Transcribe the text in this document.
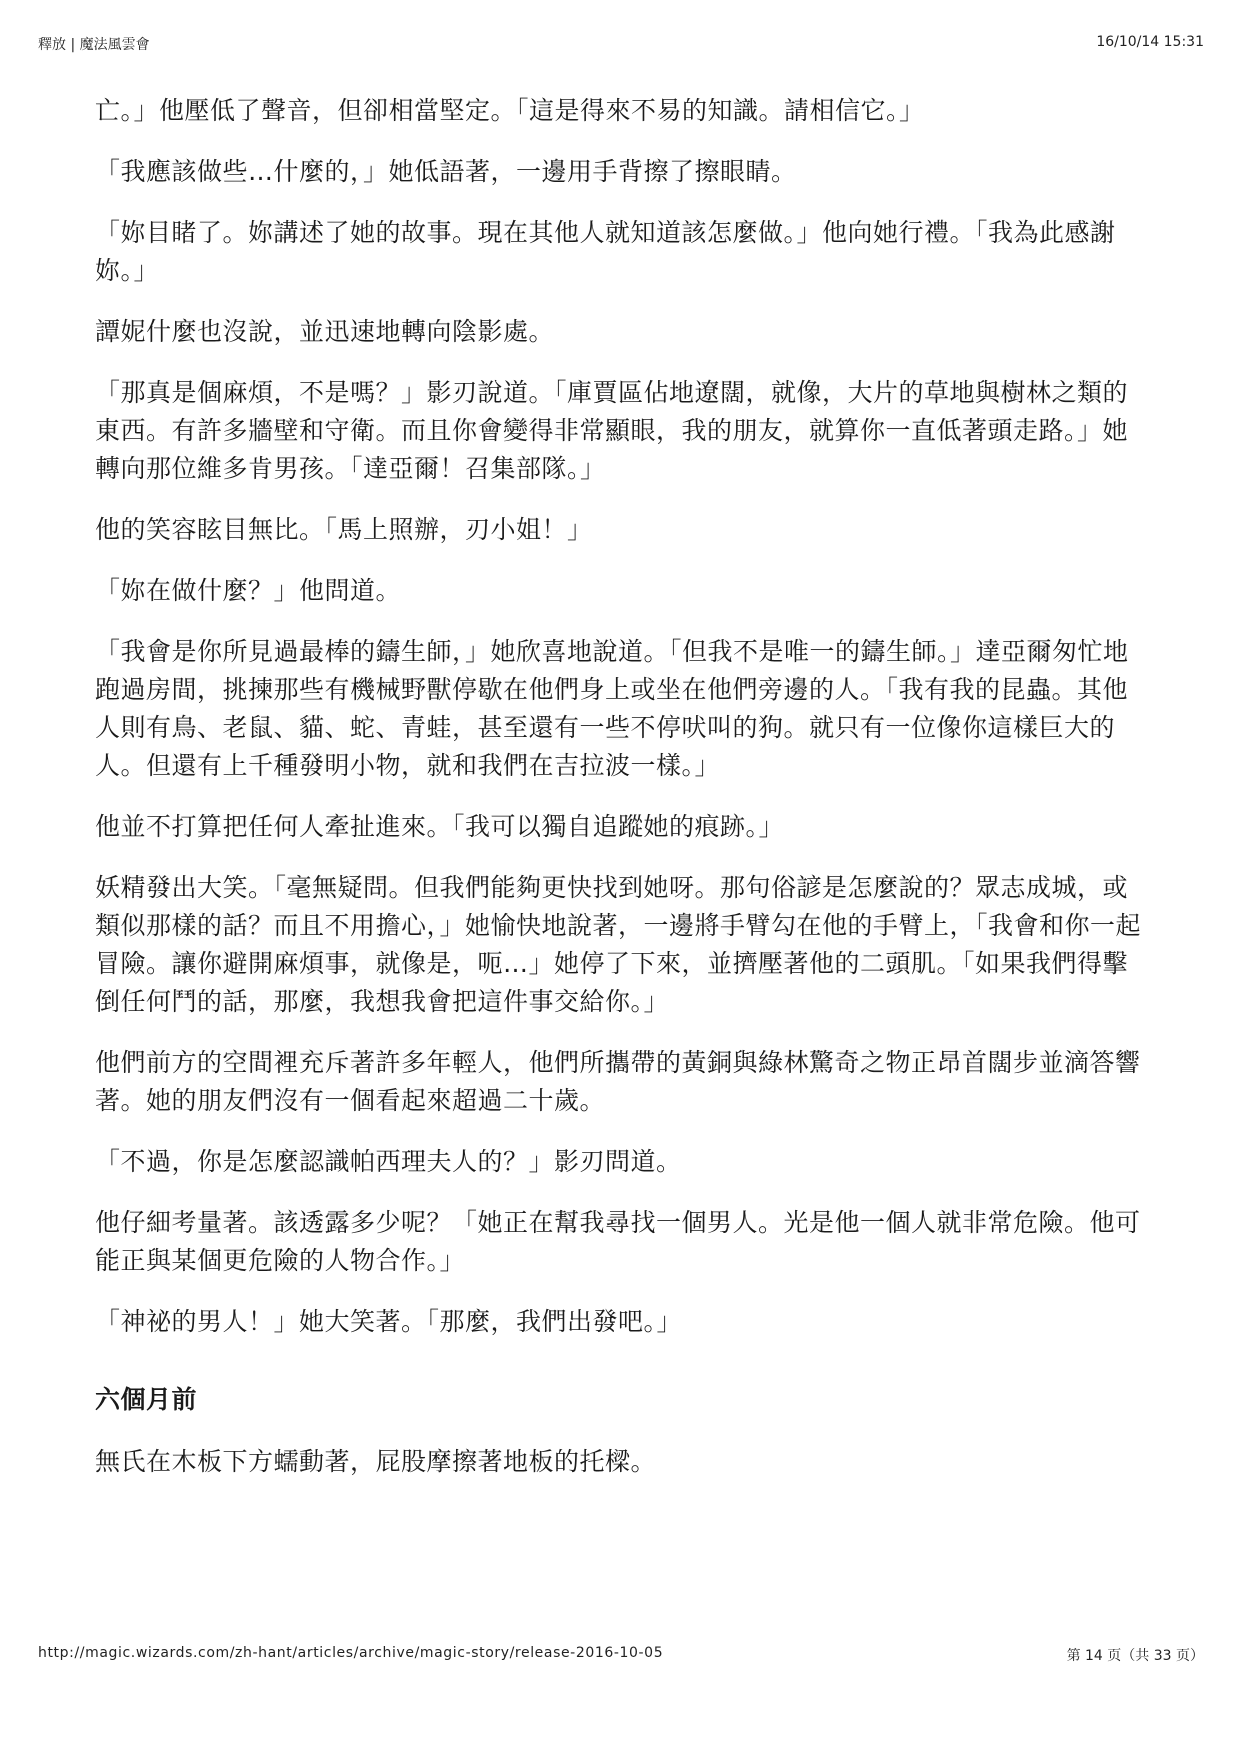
釋放 | 魔法風雲會	16/10/14 15:31

亡。」他壓低了聲音，但卻相當堅定。「這是得來不易的知識。請相信它。」

「我應該做些…什麼的，」她低語著，一邊用手背擦了擦眼睛。

「妳目睹了。妳講述了她的故事。現在其他人就知道該怎麼做。」他向她行禮。「我為此感謝妳。」

譚妮什麼也沒說，並迅速地轉向陰影處。

「那真是個麻煩，不是嗎？」影刃說道。「庫賈區佔地遼闊，就像，大片的草地與樹林之類的東西。有許多牆壁和守衛。而且你會變得非常顯眼，我的朋友，就算你一直低著頭走路。」她轉向那位維多肯男孩。「達亞爾！召集部隊。」

他的笑容眩目無比。「馬上照辦，刃小姐！」

「妳在做什麼？」他問道。

「我會是你所見過最棒的鑄生師，」她欣喜地說道。「但我不是唯一的鑄生師。」達亞爾匆忙地跑過房間，挑揀那些有機械野獸停歇在他們身上或坐在他們旁邊的人。「我有我的昆蟲。其他人則有鳥、老鼠、貓、蛇、青蛙，甚至還有一些不停吠叫的狗。就只有一位像你這樣巨大的人。但還有上千種發明小物，就和我們在吉拉波一樣。」

他並不打算把任何人牽扯進來。「我可以獨自追蹤她的痕跡。」

妖精發出大笑。「毫無疑問。但我們能夠更快找到她呀。那句俗諺是怎麼說的？眾志成城，或類似那樣的話？而且不用擔心，」她愉快地說著，一邊將手臂勾在他的手臂上，「我會和你一起冒險。讓你避開麻煩事，就像是，呃…」她停了下來，並擠壓著他的二頭肌。「如果我們得擊倒任何鬥的話，那麼，我想我會把這件事交給你。」

他們前方的空間裡充斥著許多年輕人，他們所攜帶的黃銅與綠林驚奇之物正昂首闊步並滴答響著。她的朋友們沒有一個看起來超過二十歲。

「不過，你是怎麼認識帕西理夫人的？」影刃問道。

他仔細考量著。該透露多少呢？「她正在幫我尋找一個男人。光是他一個人就非常危險。他可能正與某個更危險的人物合作。」

「神祕的男人！」她大笑著。「那麼，我們出發吧。」

六個月前

無氏在木板下方蠕動著，屁股摩擦著地板的托樑。

http://magic.wizards.com/zh-hant/articles/archive/magic-story/release-2016-10-05	第 14 页（共 33 页）
